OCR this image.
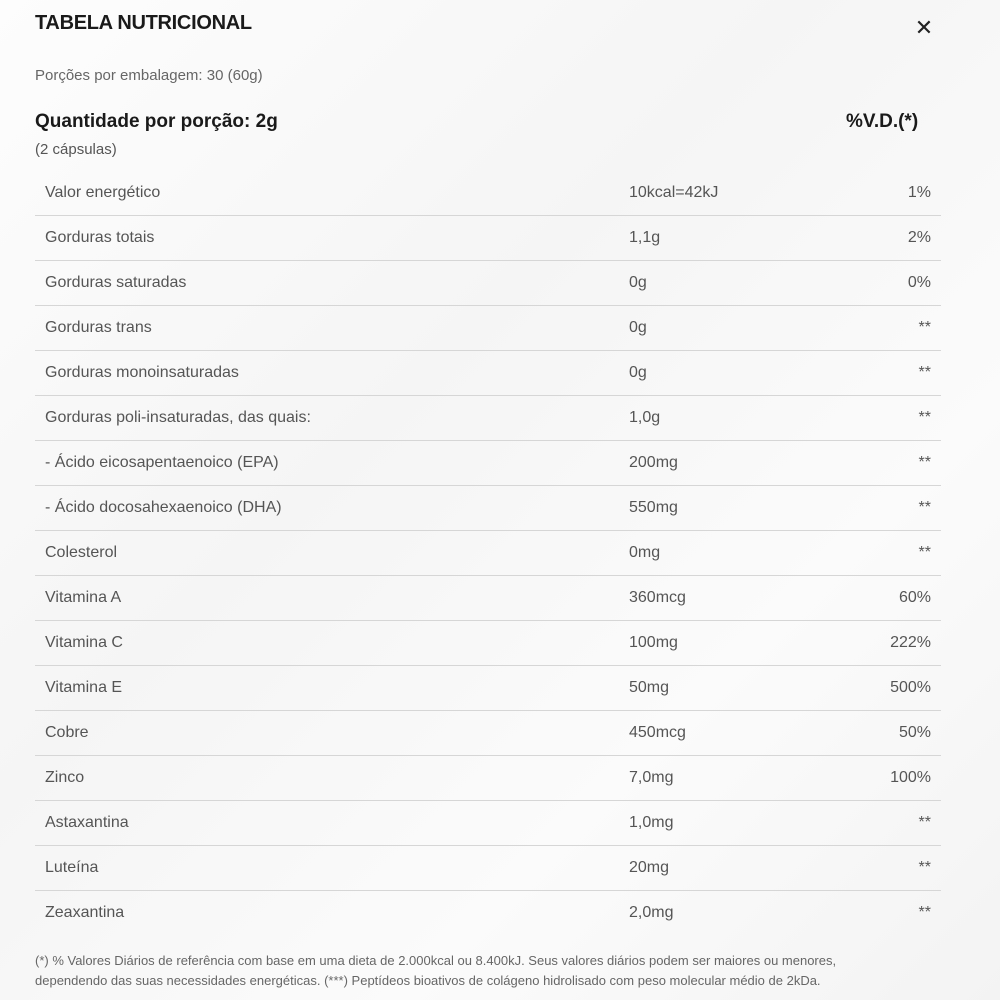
TABELA NUTRICIONAL	✕
Porções por embalagem: 30 (60g)
Quantidade por porção: 2g	%V.D.(*)
(2 cápsulas)
Valor energético	10kcal=42kJ	1%
Gorduras totais	1,1g	2%
Gorduras saturadas	0g	0%
Gorduras trans	0g	**
Gorduras monoinsaturadas	0g	**
Gorduras poli-insaturadas, das quais:	1,0g	**
- Ácido eicosapentaenoico (EPA)	200mg	**
- Ácido docosahexaenoico (DHA)	550mg	**
Colesterol	0mg	**
Vitamina A	360mcg	60%
Vitamina C	100mg	222%
Vitamina E	50mg	500%
Cobre	450mcg	50%
Zinco	7,0mg	100%
Astaxantina	1,0mg	**
Luteína	20mg	**
Zeaxantina	2,0mg	**
(*) % Valores Diários de referência com base em uma dieta de 2.000kcal ou 8.400kJ. Seus valores diários podem ser maiores ou menores,
dependendo das suas necessidades energéticas. (***) Peptídeos bioativos de colágeno hidrolisado com peso molecular médio de 2kDa.
